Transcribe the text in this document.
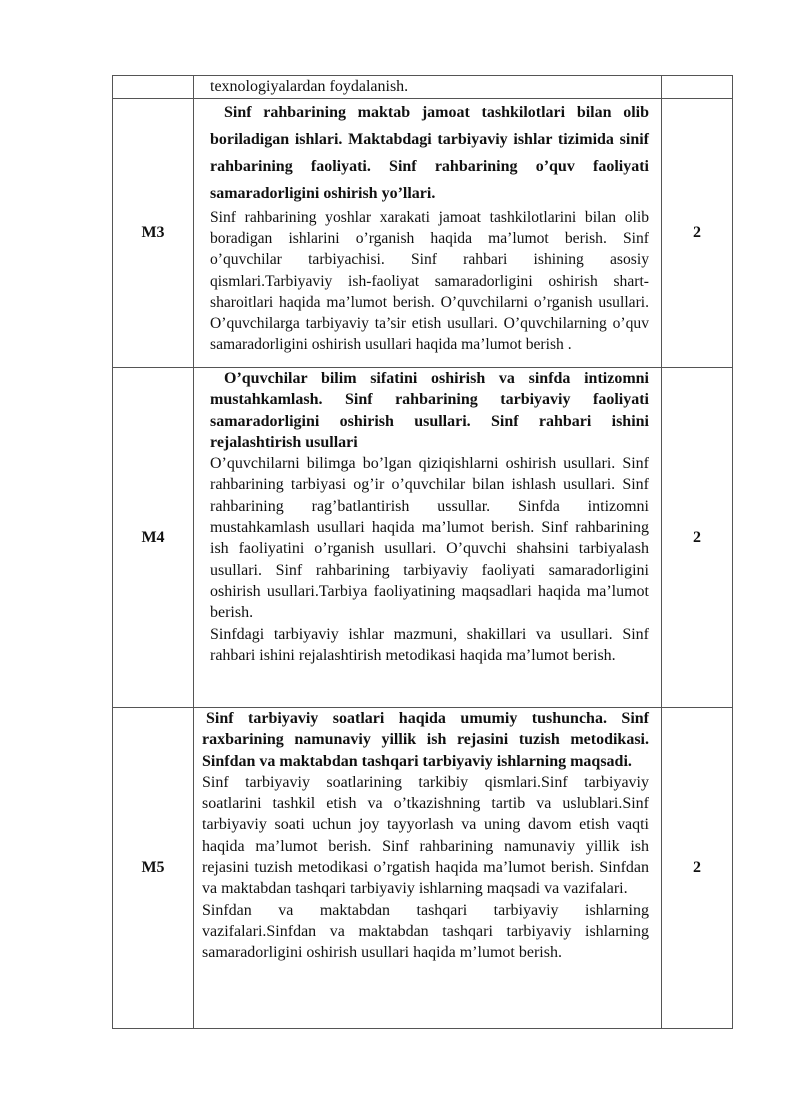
	texnologiyalardan foydalanish.	

M3	Sinf rahbarining maktab jamoat tashkilotlari bilan olib boriladigan ishlari. Maktabdagi tarbiyaviy ishlar tizimida sinif rahbarining faoliyati. Sinf rahbarining o’quv faoliyati samaradorligini oshirish yo’llari.

Sinf rahbarining yoshlar xarakati jamoat tashkilotlarini bilan olib boradigan ishlarini o’rganish haqida ma’lumot berish. Sinf o’quvchilar tarbiyachisi. Sinf rahbari ishining asosiy qismlari.Tarbiyaviy ish-faoliyat samaradorligini oshirish shart- sharoitlari haqida ma’lumot berish. O’quvchilarni o’rganish usullari. O’quvchilarga tarbiyaviy ta’sir etish usullari. O’quvchilarning o’quv samaradorligini oshirish usullari haqida ma’lumot berish .	2
M4	O’quvchilar bilim sifatini oshirish va sinfda intizomni mustahkamlash. Sinf rahbarining tarbiyaviy faoliyati samaradorligini oshirish usullari. Sinf rahbari ishini rejalashtirish usullari

O’quvchilarni bilimga bo’lgan qiziqishlarni oshirish usullari. Sinf rahbarining tarbiyasi og’ir o’quvchilar bilan ishlash usullari. Sinf rahbarining rag’batlantirish ussullar. Sinfda intizomni mustahkamlash usullari haqida ma’lumot berish. Sinf rahbarining ish faoliyatini o’rganish usullari. O’quvchi shahsini tarbiyalash usullari. Sinf rahbarining tarbiyaviy faoliyati samaradorligini oshirish usullari.Tarbiya faoliyatining maqsadlari haqida ma’lumot berish.

Sinfdagi tarbiyaviy ishlar mazmuni, shakillari va usullari. Sinf rahbari ishini rejalashtirish metodikasi haqida ma’lumot berish.	2
M5	Sinf tarbiyaviy soatlari haqida umumiy tushuncha. Sinf raxbarining namunaviy yillik ish rejasini tuzish metodikasi. Sinfdan va maktabdan tashqari tarbiyaviy ishlarning maqsadi.

Sinf tarbiyaviy soatlarining tarkibiy qismlari.Sinf tarbiyaviy soatlarini tashkil etish va o’tkazishning tartib va uslublari.Sinf tarbiyaviy soati uchun joy tayyorlash va uning davom etish vaqti haqida ma’lumot berish. Sinf rahbarining namunaviy yillik ish rejasini tuzish metodikasi o’rgatish haqida ma’lumot berish. Sinfdan va maktabdan tashqari tarbiyaviy ishlarning maqsadi va vazifalari.

Sinfdan va maktabdan tashqari tarbiyaviy ishlarning vazifalari.Sinfdan va maktabdan tashqari tarbiyaviy ishlarning samaradorligini oshirish usullari haqida m’lumot berish.	2
